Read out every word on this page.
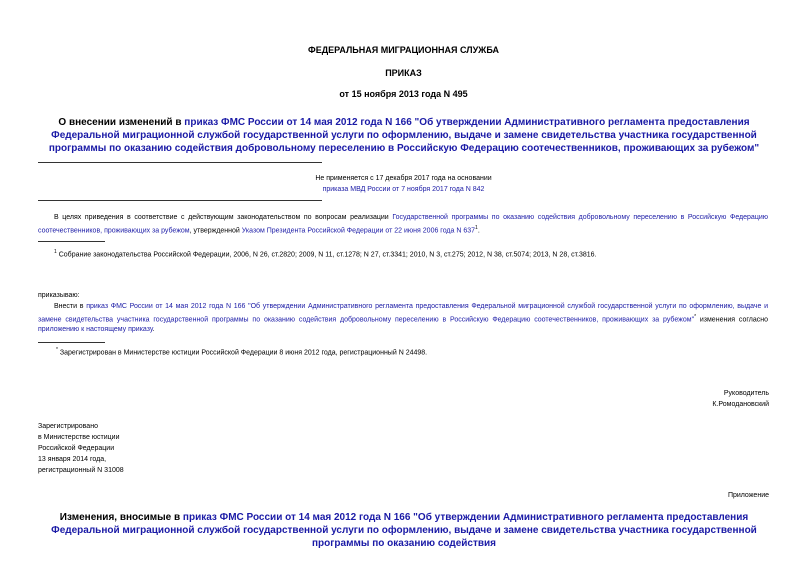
ФЕДЕРАЛЬНАЯ МИГРАЦИОННАЯ СЛУЖБА
ПРИКАЗ
от 15 ноября 2013 года N 495
О внесении изменений в приказ ФМС России от 14 мая 2012 года N 166 "Об утверждении Административного регламента предоставления Федеральной миграционной службой государственной услуги по оформлению, выдаче и замене свидетельства участника государственной программы по оказанию содействия добровольному переселению в Российскую Федерацию соотечественников, проживающих за рубежом"
Не применяется с 17 декабря 2017 года на основании
приказа МВД России от 7 ноября 2017 года N 842
В целях приведения в соответствие с действующим законодательством по вопросам реализации Государственной программы по оказанию содействия добровольному переселению в Российскую Федерацию соотечественников, проживающих за рубежом, утвержденной Указом Президента Российской Федерации от 22 июня 2006 года N $637^1$.
$^1$ Собрание законодательства Российской Федерации, 2006, N 26, ст.2820; 2009, N 11, ст.1278; N 27, ст.3341; 2010, N 3, ст.275; 2012, N 38, ст.5074; 2013, N 28, ст.3816.
приказываю:
Внести в приказ ФМС России от 14 мая 2012 года N 166 "Об утверждении Административного регламента предоставления Федеральной миграционной службой государственной услуги по оформлению, выдаче и замене свидетельства участника государственной программы по оказанию содействия добровольному переселению в Российскую Федерацию соотечественников, проживающих за рубежом"* изменения согласно приложению к настоящему приказу.
* Зарегистрирован в Министерстве юстиции Российской Федерации 8 июня 2012 года, регистрационный N 24498.
Руководитель
К.Ромодановский
Зарегистрировано
в Министерстве юстиции
Российской Федерации
13 января 2014 года,
регистрационный N 31008
Приложение
Изменения, вносимые в приказ ФМС России от 14 мая 2012 года N 166 "Об утверждении Административного регламента предоставления Федеральной миграционной службой государственной услуги по оформлению, выдаче и замене свидетельства участника государственной программы по оказанию содействия
